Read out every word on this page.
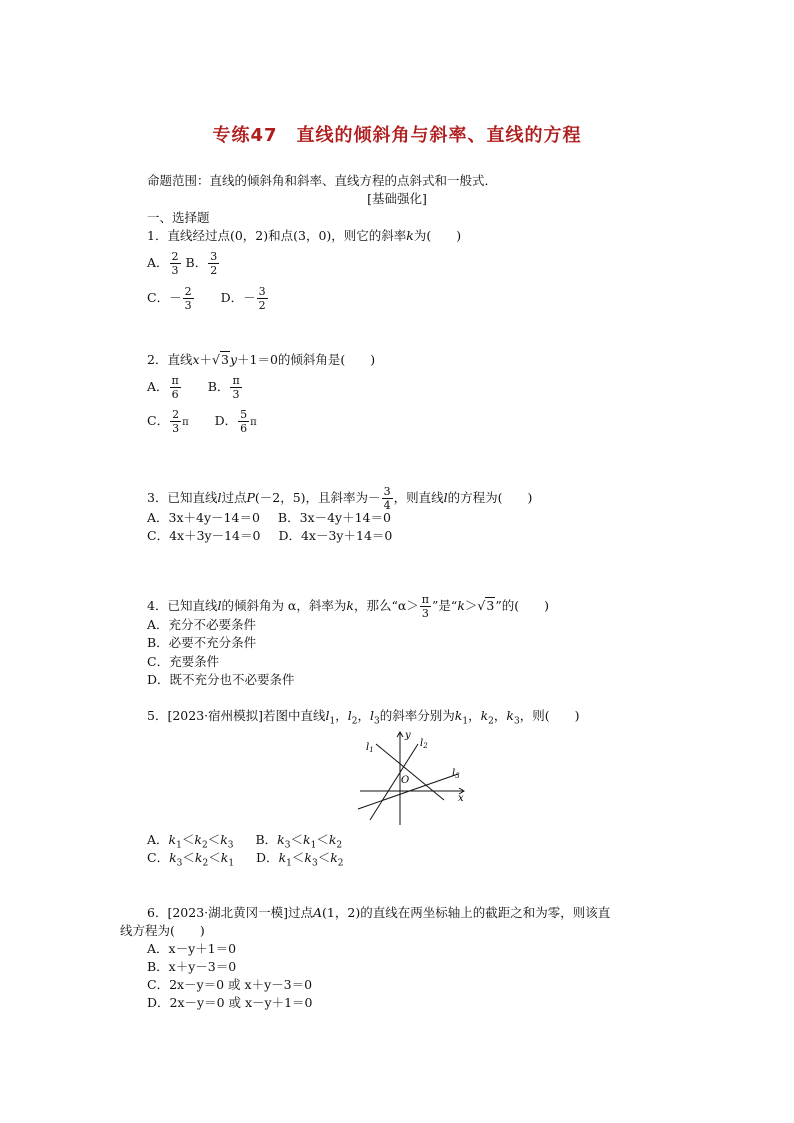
专练47　直线的倾斜角与斜率、直线的方程
命题范围：直线的倾斜角和斜率、直线方程的点斜式和一般式．
[基础强化]
一、选择题
1．直线经过点(0，2)和点(3，0)，则它的斜率k为(　　)
A． $\frac{2}{3}$ B． $\frac{3}{2}$
C．－ $\frac{2}{3}$ D．－ $\frac{3}{2}$
2．直线x＋√3y＋1＝0的倾斜角是(　　)
A． $\frac{\pi}{6}$ B． $\frac{\pi}{3}$
C． $\frac{2}{3}$ π D． $\frac{5}{6}$ π
3．已知直线l过点P(－2，5)，且斜率为－ $\frac{3}{4}$ ，则直线l的方程为(　　)
A．3x＋4y－14＝0 B．3x－4y＋14＝0
C．4x＋3y－14＝0 D．4x－3y＋14＝0
4．已知直线l的倾斜角为 α，斜率为k，那么“$\alpha> \frac{\pi}{3}$ ”是“k＞√3”的(　　)
A．充分不必要条件
B．必要不充分条件
C．充要条件
D．既不充分也不必要条件
5．[2023·宿州模拟]若图中直线$l_1$，$l_2$，$l_3$的斜率分别为$k_1$，$k_2$，$k_3$，则(　　)
$l_1$
$l_2$
$l_3$
O
x
y
A．$k_1<k_2<k_3$ B．$k_3<k_1<k_2$
C．$k_3<k_2<k_1$ D．$k_1<k_3<k_2$
6．[2023·湖北黄冈一模]过点A(1，2)的直线在两坐标轴上的截距之和为零，则该直
线方程为(　　)
A．x－y＋1＝0
B．x＋y－3＝0
C．2x－y＝0 或 x＋y－3＝0
D．2x－y＝0 或 x－y＋1＝0
